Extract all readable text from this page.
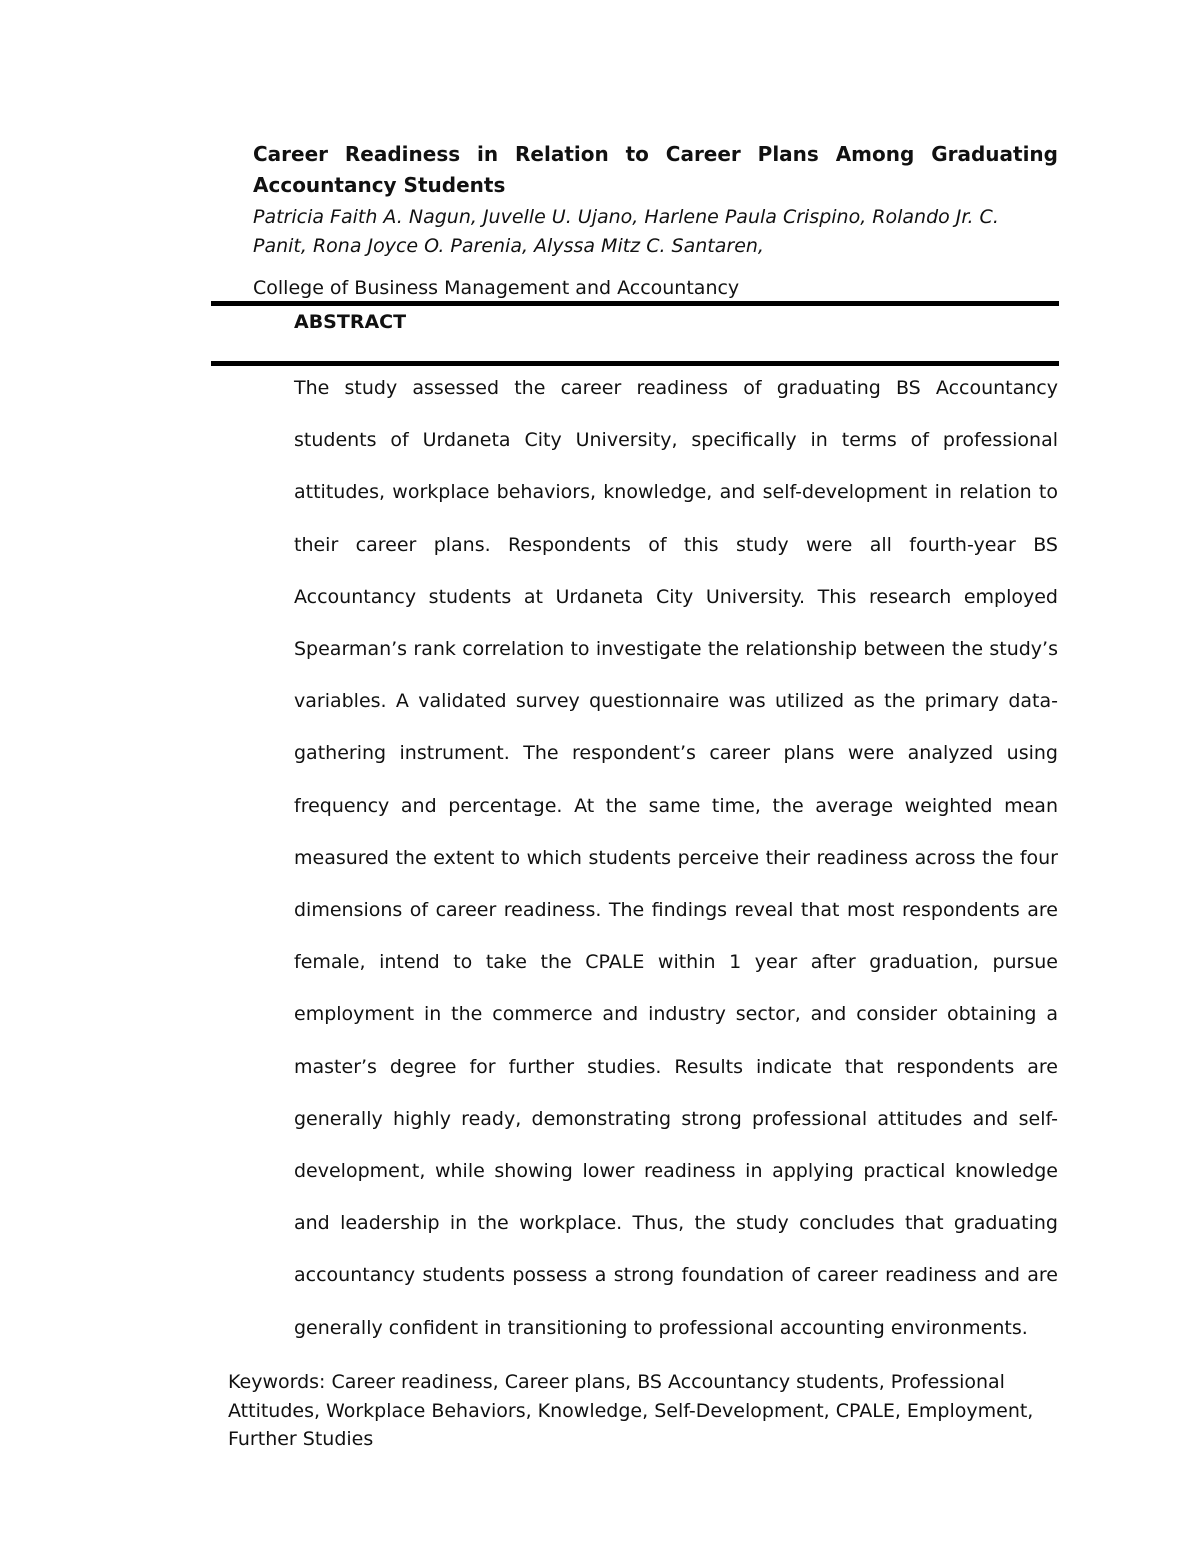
Career Readiness in Relation to Career Plans Among Graduating Accountancy Students

Patricia Faith A. Nagun, Juvelle U. Ujano, Harlene Paula Crispino, Rolando Jr. C. Panit, Rona Joyce O. Parenia, Alyssa Mitz C. Santaren,

College of Business Management and Accountancy

ABSTRACT

The study assessed the career readiness of graduating BS Accountancy students of Urdaneta City University, specifically in terms of professional attitudes, workplace behaviors, knowledge, and self-development in relation to their career plans. Respondents of this study were all fourth-year BS Accountancy students at Urdaneta City University. This research employed Spearman’s rank correlation to investigate the relationship between the study’s variables. A validated survey questionnaire was utilized as the primary data-gathering instrument. The respondent’s career plans were analyzed using frequency and percentage. At the same time, the average weighted mean measured the extent to which students perceive their readiness across the four dimensions of career readiness. The findings reveal that most respondents are female, intend to take the CPALE within 1 year after graduation, pursue employment in the commerce and industry sector, and consider obtaining a master’s degree for further studies. Results indicate that respondents are generally highly ready, demonstrating strong professional attitudes and self-development, while showing lower readiness in applying practical knowledge and leadership in the workplace. Thus, the study concludes that graduating accountancy students possess a strong foundation of career readiness and are generally confident in transitioning to professional accounting environments.

Keywords: Career readiness, Career plans, BS Accountancy students, Professional Attitudes, Workplace Behaviors, Knowledge, Self-Development, CPALE, Employment, Further Studies
